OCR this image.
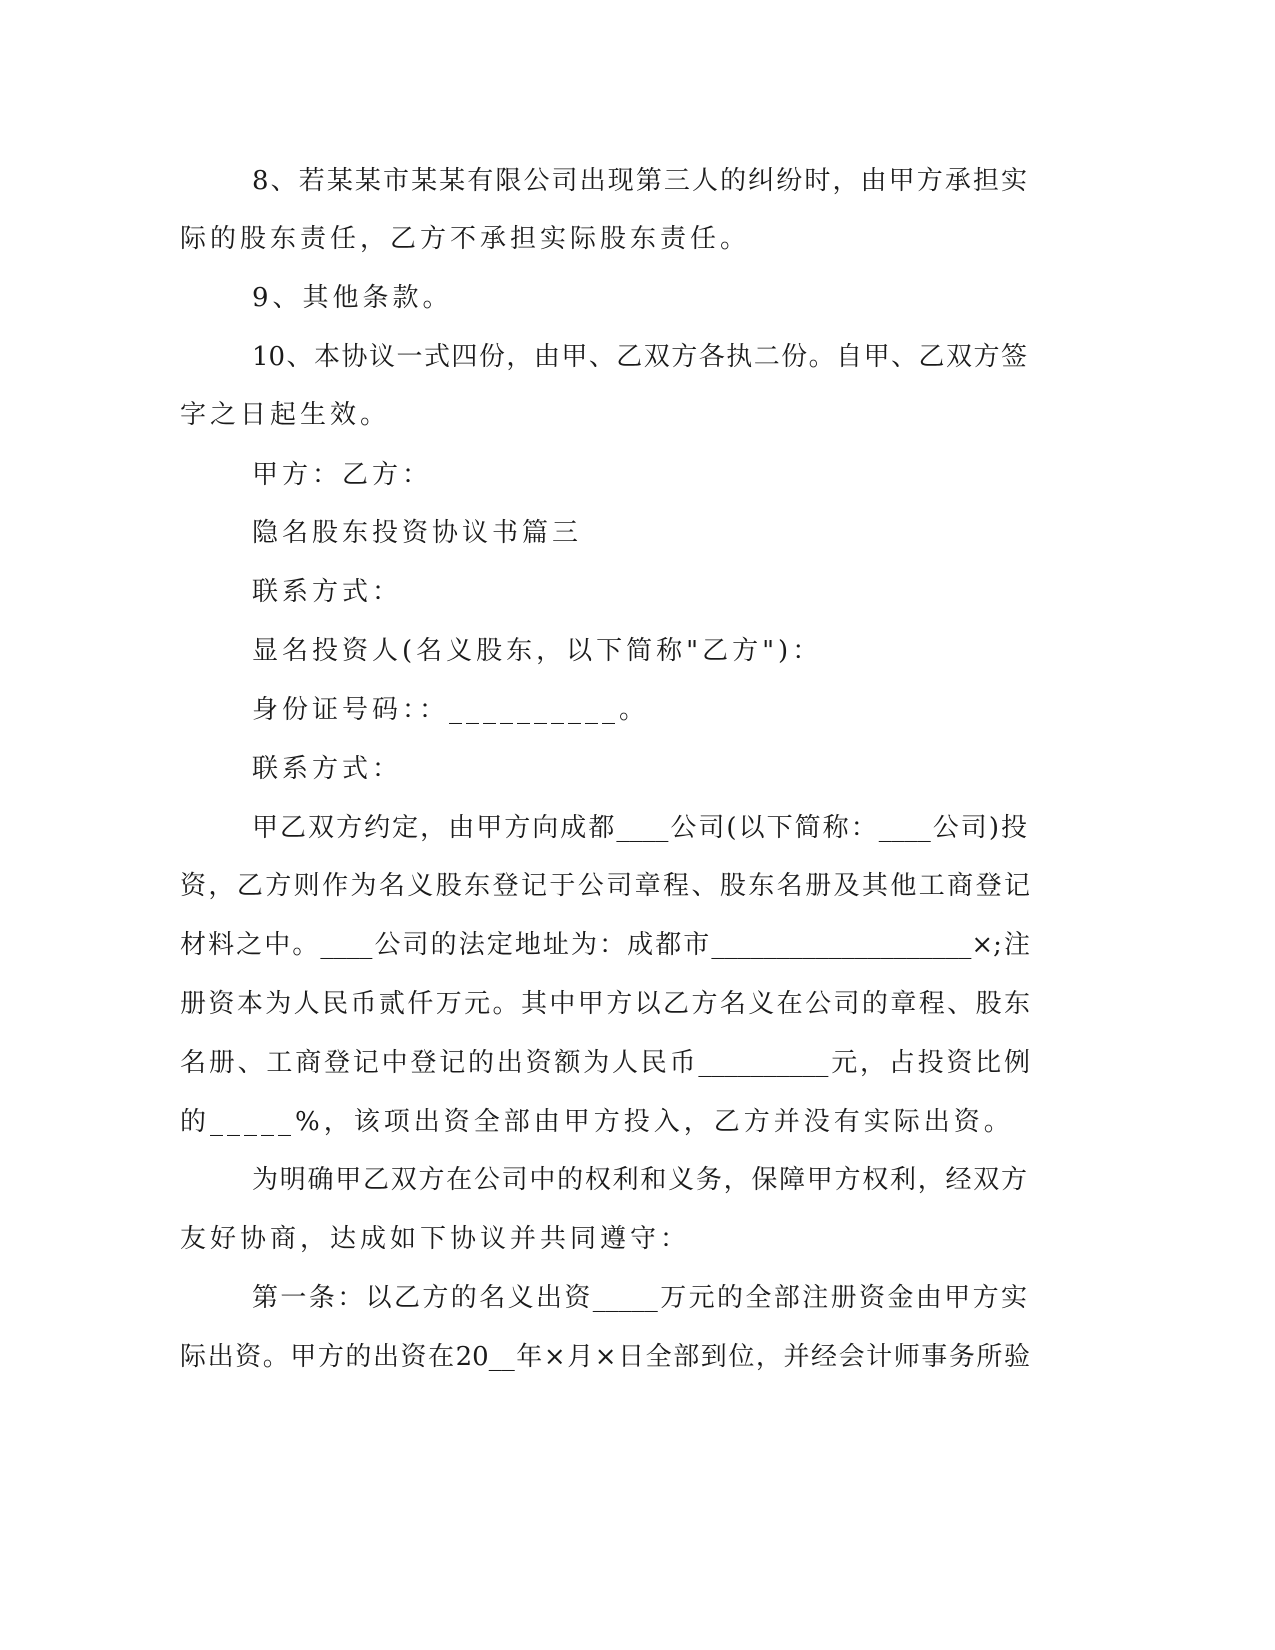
8、若某某市某某有限公司出现第三人的纠纷时，由甲方承担实
际的股东责任，乙方不承担实际股东责任。
9、其他条款。
10、本协议一式四份，由甲、乙双方各执二份。自甲、乙双方签
字之日起生效。
甲方：乙方：
隐名股东投资协议书篇三
联系方式：
显名投资人(名义股东，以下简称"乙方")：
身份证号码：：__________。
联系方式：
甲乙双方约定，由甲方向成都____公司(以下简称：____公司)投
资，乙方则作为名义股东登记于公司章程、股东名册及其他工商登记
材料之中。____公司的法定地址为：成都市____________________×;注
册资本为人民币贰仟万元。其中甲方以乙方名义在公司的章程、股东
名册、工商登记中登记的出资额为人民币__________元，占投资比例
的_____%，该项出资全部由甲方投入，乙方并没有实际出资。
为明确甲乙双方在公司中的权利和义务，保障甲方权利，经双方
友好协商，达成如下协议并共同遵守：
第一条：以乙方的名义出资_____万元的全部注册资金由甲方实
际出资。甲方的出资在20__年×月×日全部到位，并经会计师事务所验
